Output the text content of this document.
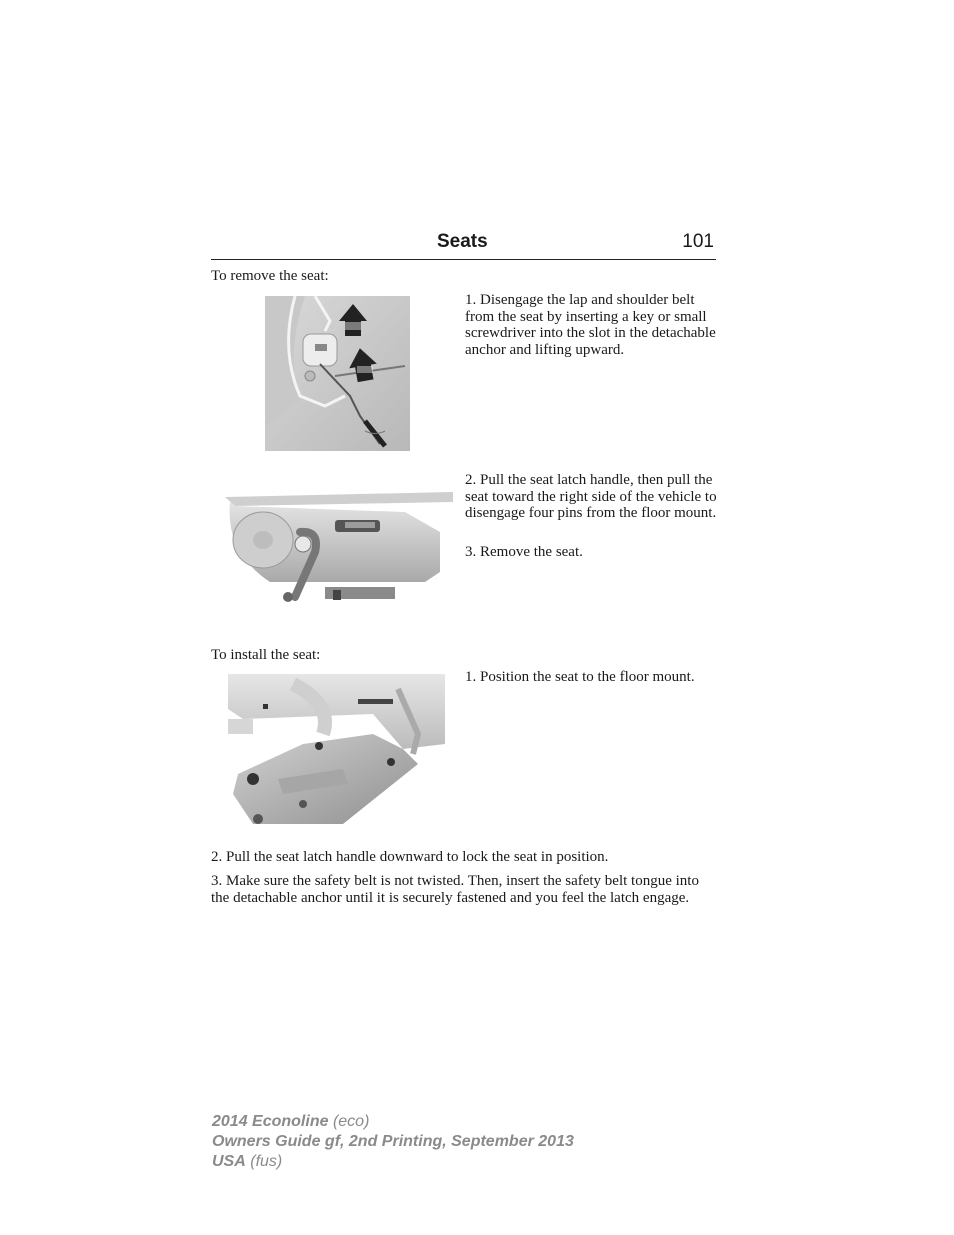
Seats	101
To remove the seat:
1. Disengage the lap and shoulder belt from the seat by inserting a key or small screwdriver into the slot in the detachable anchor and lifting upward.
2. Pull the seat latch handle, then pull the seat toward the right side of the vehicle to disengage four pins from the floor mount.
3. Remove the seat.
To install the seat:
1. Position the seat to the floor mount.
2. Pull the seat latch handle downward to lock the seat in position.
3. Make sure the safety belt is not twisted. Then, insert the safety belt tongue into the detachable anchor until it is securely fastened and you feel the latch engage.
2014 Econoline (eco)
Owners Guide gf, 2nd Printing, September 2013
USA (fus)
